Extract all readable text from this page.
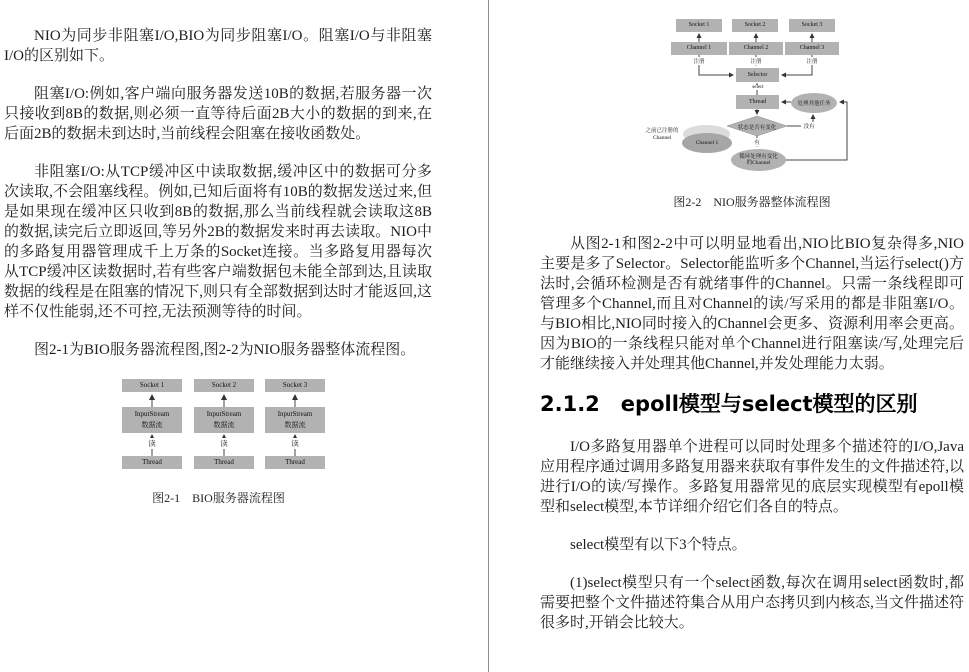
NIO为同步非阻塞I/O,BIO为同步阻塞I/O。阻塞I/O与非阻塞I/O的区别如下。

阻塞I/O:例如,客户端向服务器发送10B的数据,若服务器一次只接收到8B的数据,则必须一直等待后面2B大小的数据的到来,在后面2B的数据未到达时,当前线程会阻塞在接收函数处。

非阻塞I/O:从TCP缓冲区中读取数据,缓冲区中的数据可分多次读取,不会阻塞线程。例如,已知后面将有10B的数据发送过来,但是如果现在缓冲区只收到8B的数据,那么当前线程就会读取这8B的数据,读完后立即返回,等另外2B的数据发来时再去读取。NIO中的多路复用器管理成千上万条的Socket连接。当多路复用器每次从TCP缓冲区读数据时,若有些客户端数据包未能全部到达,且读取数据的线程是在阻塞的情况下,则只有全部数据到达时才能返回,这样不仅性能弱,还不可控,无法预测等待的时间。

图2-1为BIO服务器流程图,图2-2为NIO服务器整体流程图。

Socket 1	Socket 2	Socket 3
InputStream
数据流
InputStream
数据流
InputStream
数据流
读	读	读
Thread	Thread	Thread
图2-1　BIO服务器流程图
Socket 1	Socket 2	Socket 3
Channel 1	Channel 2	Channel 3
注册	注册	注册
Selector
select
Thread	处理其他任务
状态是否有变化
有
没有
循环处理有变化
的Channel
Channel 1
之前已注册的
Channel
图2-2　NIO服务器整体流程图

从图2-1和图2-2中可以明显地看出,NIO比BIO复杂得多,NIO主要是多了Selector。Selector能监听多个Channel,当运行select()方法时,会循环检测是否有就绪事件的Channel。只需一条线程即可管理多个Channel,而且对Channel的读/写采用的都是非阻塞I/O。与BIO相比,NIO同时接入的Channel会更多、资源利用率会更高。因为BIO的一条线程只能对单个Channel进行阻塞读/写,处理完后才能继续接入并处理其他Channel,并发处理能力太弱。

2.1.2　epoll模型与select模型的区别

I/O多路复用器单个进程可以同时处理多个描述符的I/O,Java应用程序通过调用多路复用器来获取有事件发生的文件描述符,以进行I/O的读/写操作。多路复用器常见的底层实现模型有epoll模型和select模型,本节详细介绍它们各自的特点。

select模型有以下3个特点。

(1)select模型只有一个select函数,每次在调用select函数时,都需要把整个文件描述符集合从用户态拷贝到内核态,当文件描述符很多时,开销会比较大。
